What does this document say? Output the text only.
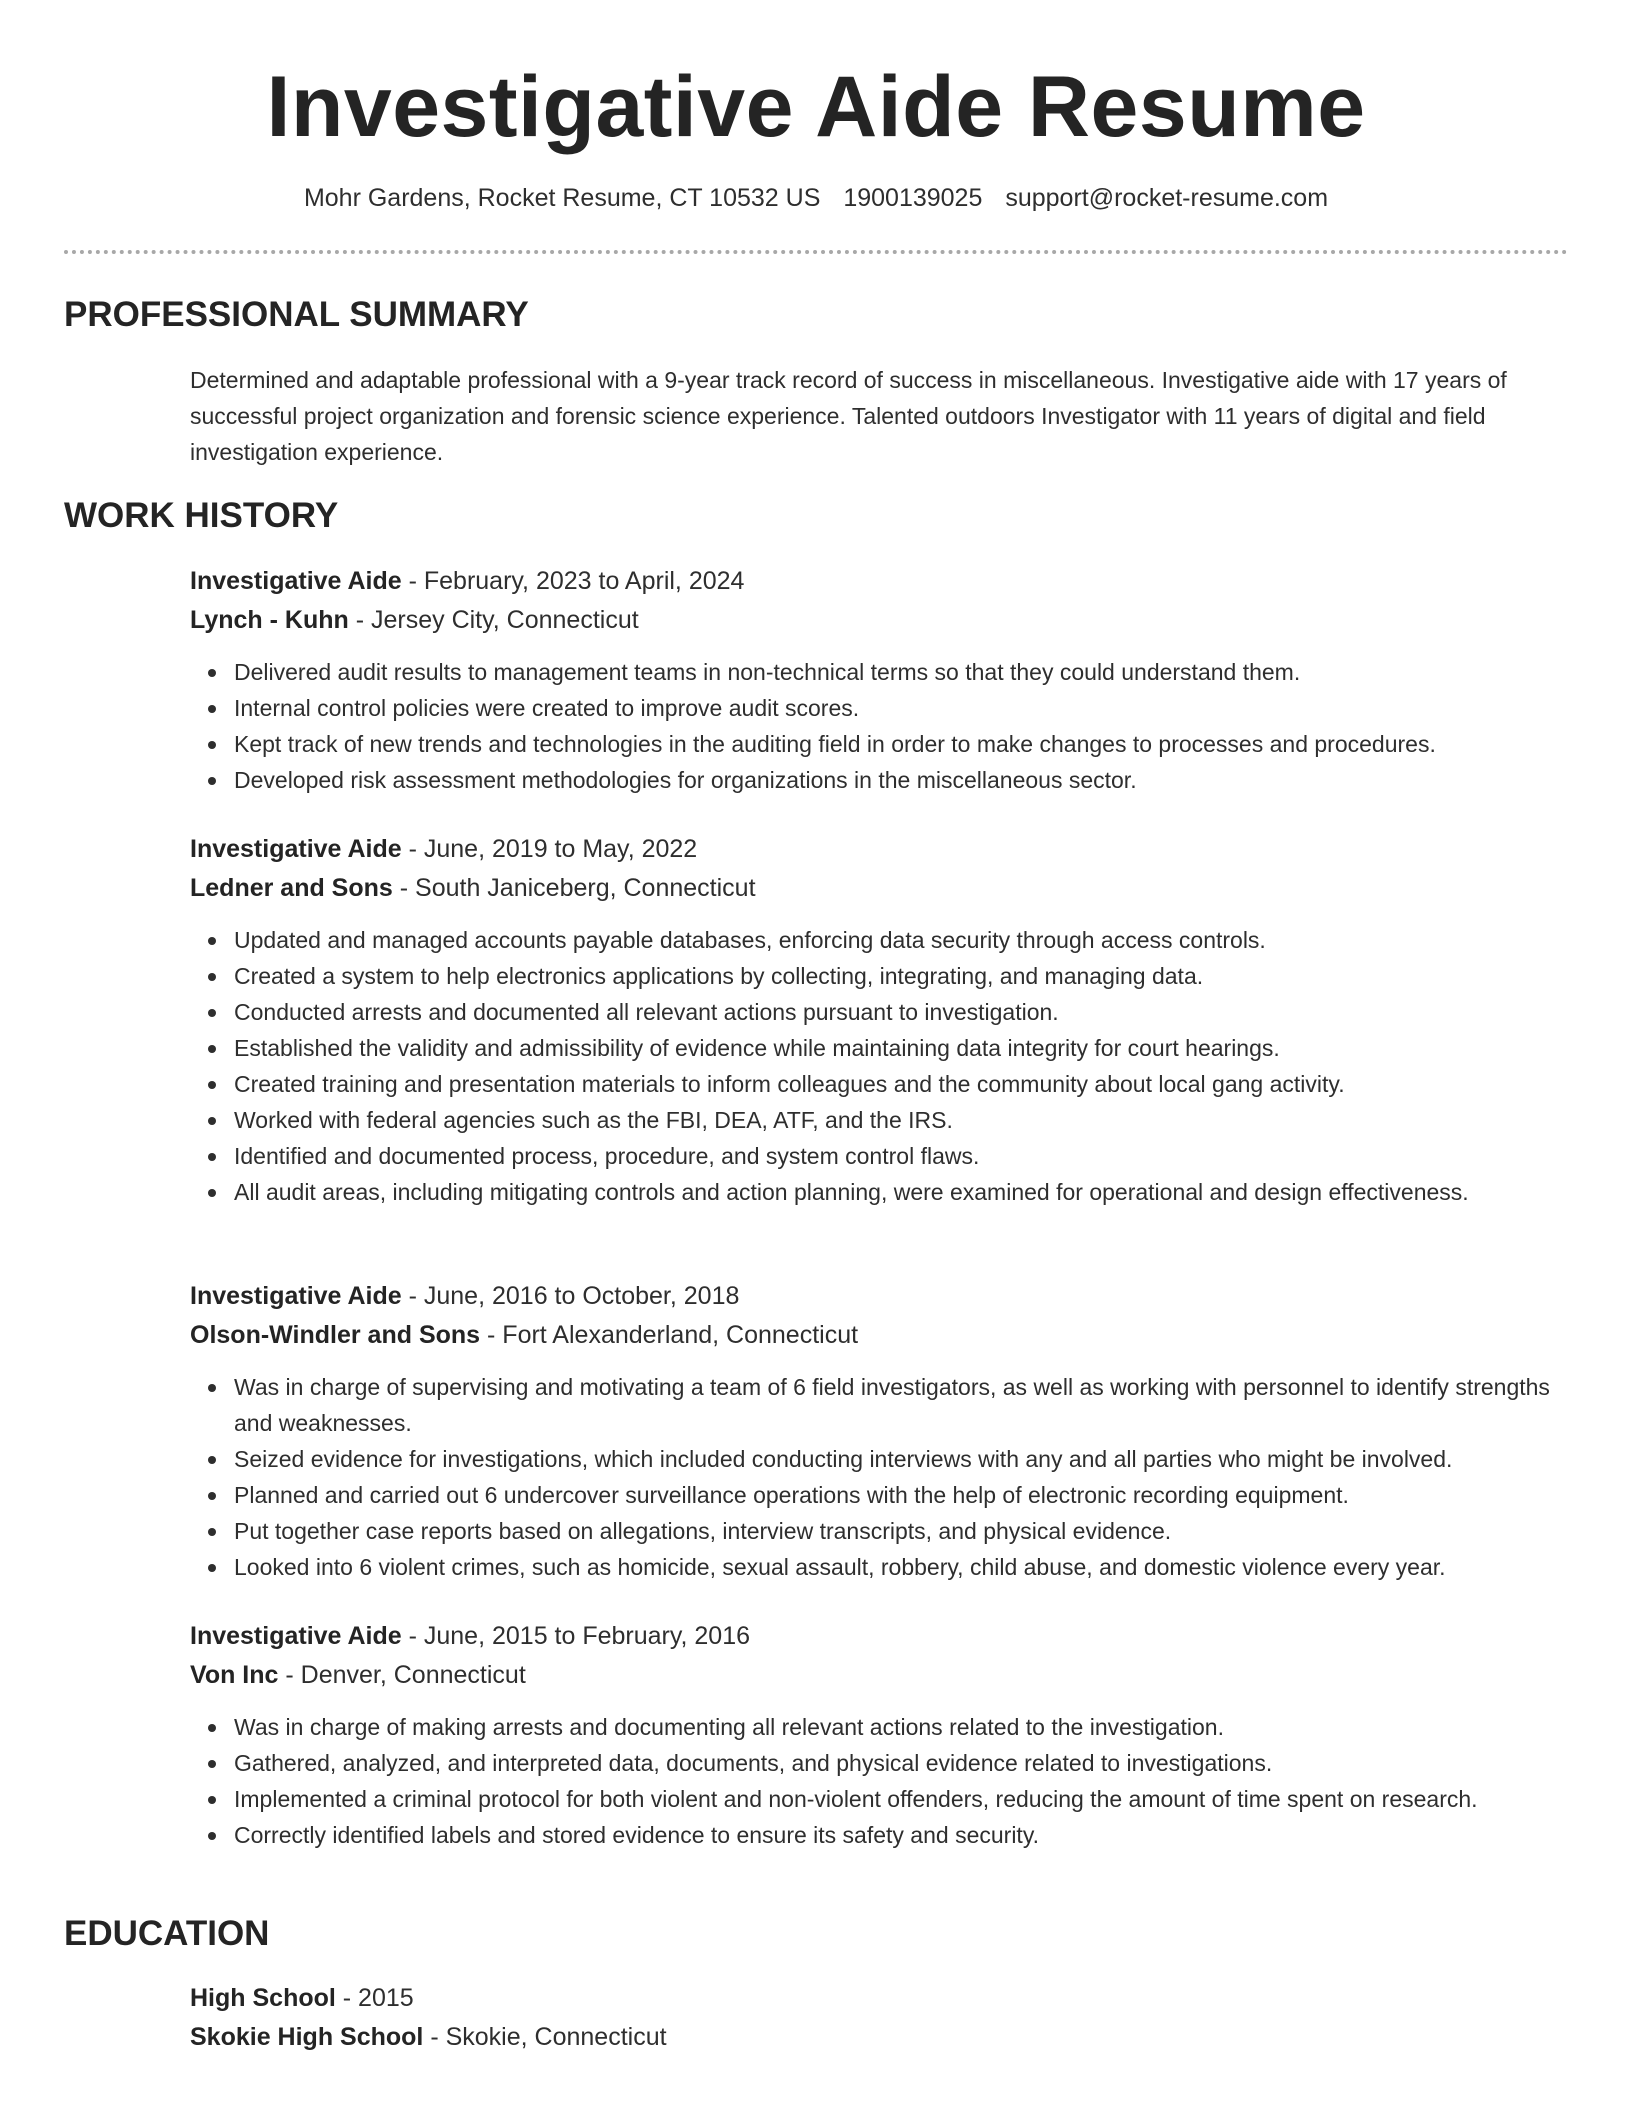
Investigative Aide Resume
Mohr Gardens, Rocket Resume, CT 10532 US 1900139025 support@rocket-resume.com
PROFESSIONAL SUMMARY
Determined and adaptable professional with a 9-year track record of success in miscellaneous. Investigative aide with 17 years of successful project organization and forensic science experience. Talented outdoors Investigator with 11 years of digital and field investigation experience.
WORK HISTORY
Investigative Aide - February, 2023 to April, 2024
Lynch - Kuhn - Jersey City, Connecticut
Delivered audit results to management teams in non-technical terms so that they could understand them.
Internal control policies were created to improve audit scores.
Kept track of new trends and technologies in the auditing field in order to make changes to processes and procedures.
Developed risk assessment methodologies for organizations in the miscellaneous sector.
Investigative Aide - June, 2019 to May, 2022
Ledner and Sons - South Janiceberg, Connecticut
Updated and managed accounts payable databases, enforcing data security through access controls.
Created a system to help electronics applications by collecting, integrating, and managing data.
Conducted arrests and documented all relevant actions pursuant to investigation.
Established the validity and admissibility of evidence while maintaining data integrity for court hearings.
Created training and presentation materials to inform colleagues and the community about local gang activity.
Worked with federal agencies such as the FBI, DEA, ATF, and the IRS.
Identified and documented process, procedure, and system control flaws.
All audit areas, including mitigating controls and action planning, were examined for operational and design effectiveness.
Investigative Aide - June, 2016 to October, 2018
Olson-Windler and Sons - Fort Alexanderland, Connecticut
Was in charge of supervising and motivating a team of 6 field investigators, as well as working with personnel to identify strengths and weaknesses.
Seized evidence for investigations, which included conducting interviews with any and all parties who might be involved.
Planned and carried out 6 undercover surveillance operations with the help of electronic recording equipment.
Put together case reports based on allegations, interview transcripts, and physical evidence.
Looked into 6 violent crimes, such as homicide, sexual assault, robbery, child abuse, and domestic violence every year.
Investigative Aide - June, 2015 to February, 2016
Von Inc - Denver, Connecticut
Was in charge of making arrests and documenting all relevant actions related to the investigation.
Gathered, analyzed, and interpreted data, documents, and physical evidence related to investigations.
Implemented a criminal protocol for both violent and non-violent offenders, reducing the amount of time spent on research.
Correctly identified labels and stored evidence to ensure its safety and security.
EDUCATION
High School - 2015
Skokie High School - Skokie, Connecticut
